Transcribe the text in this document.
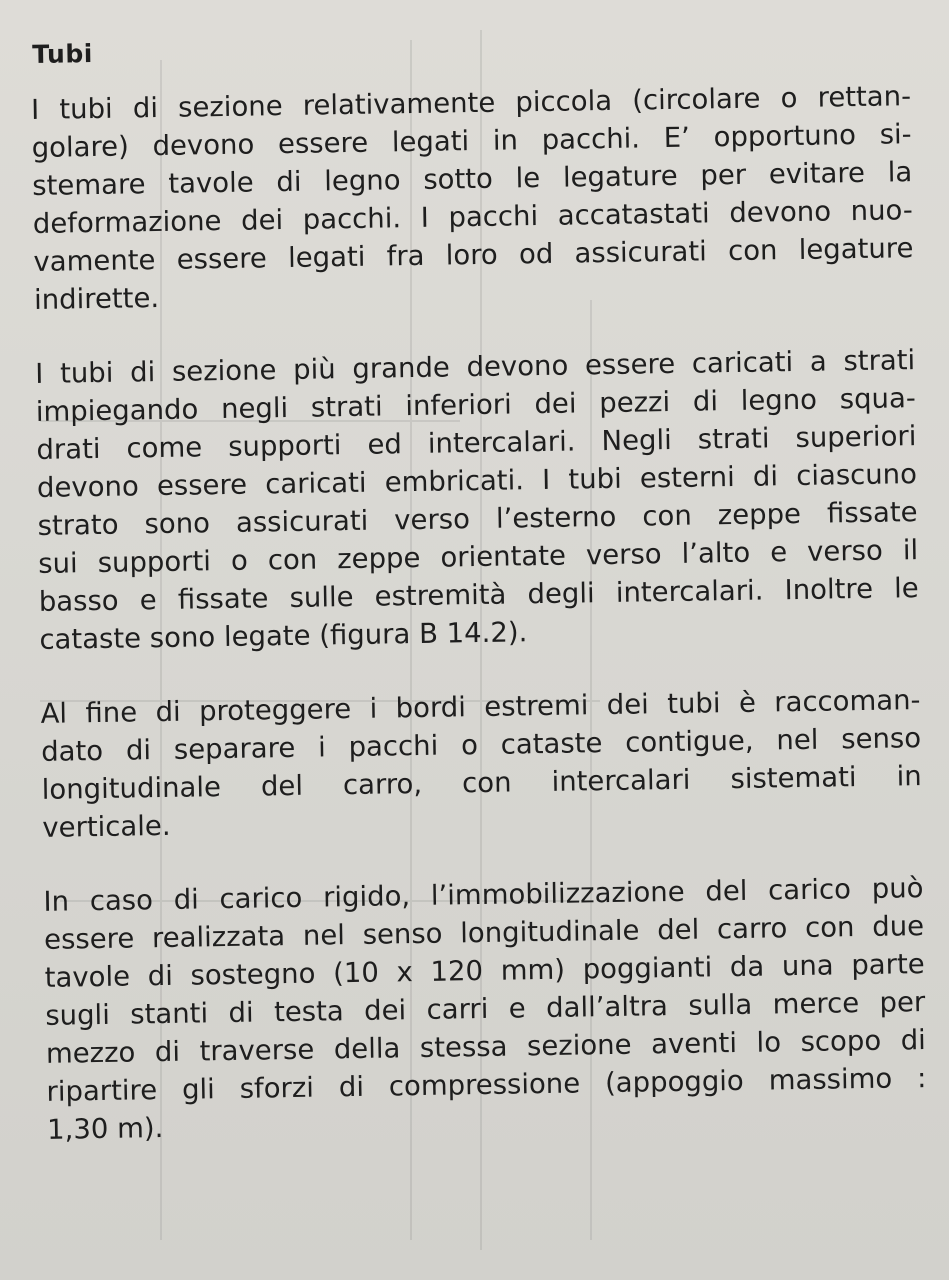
Tubi
I tubi di sezione relativamente piccola (circolare o rettan-
golare) devono essere legati in pacchi. E’ opportuno si-
stemare tavole di legno sotto le legature per evitare la
deformazione dei pacchi. I pacchi accatastati devono nuo-
vamente essere legati fra loro od assicurati con legature
indirette.
I tubi di sezione più grande devono essere caricati a strati
impiegando negli strati inferiori dei pezzi di legno squa-
drati come supporti ed intercalari. Negli strati superiori
devono essere caricati embricati. I tubi esterni di ciascuno
strato sono assicurati verso l’esterno con zeppe fissate
sui supporti o con zeppe orientate verso l’alto e verso il
basso e fissate sulle estremità degli intercalari. Inoltre le
cataste sono legate (figura B 14.2).
Al fine di proteggere i bordi estremi dei tubi è raccoman-
dato di separare i pacchi o cataste contigue, nel senso
longitudinale del carro, con intercalari sistemati in
verticale.
In caso di carico rigido, l’immobilizzazione del carico può
essere realizzata nel senso longitudinale del carro con due
tavole di sostegno (10 x 120 mm) poggianti da una parte
sugli stanti di testa dei carri e dall’altra sulla merce per
mezzo di traverse della stessa sezione aventi lo scopo di
ripartire gli sforzi di compressione (appoggio massimo :
1,30 m).
